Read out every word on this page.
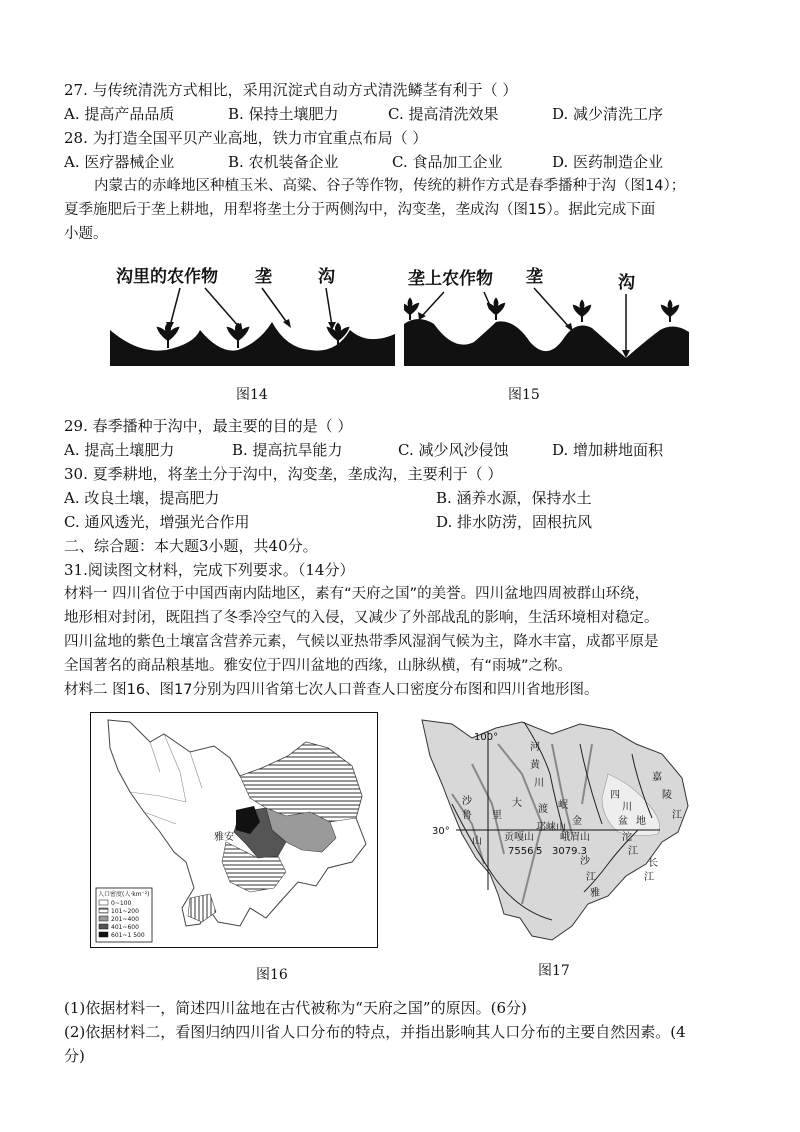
27. 与传统清洗方式相比，采用沉淀式自动方式清洗鳞茎有利于（ ）
A. 提高产品品质	B. 保持土壤肥力	C. 提高清洗效果	D. 减少清洗工序
28. 为打造全国平贝产业高地，铁力市宜重点布局（ ）
A. 医疗器械企业	B. 农机装备企业	C. 食品加工企业	D. 医药制造企业
内蒙古的赤峰地区种植玉米、高粱、谷子等作物，传统的耕作方式是春季播种于沟（图14）；
夏季施肥后于垄上耕地，用犁将垄土分于两侧沟中，沟变垄，垄成沟（图15）。据此完成下面
小题。
沟里的农作物 垄	沟
图14
垄上农作物 垄	沟
图15
29. 春季播种于沟中，最主要的目的是（ ）
A. 提高土壤肥力	B. 提高抗旱能力	C. 减少风沙侵蚀	D. 增加耕地面积
30. 夏季耕地，将垄土分于沟中，沟变垄，垄成沟，主要利于（ ）
A. 改良土壤，提高肥力	B. 涵养水源，保持水土
C. 通风透光，增强光合作用	D. 排水防涝，固根抗风
二、综合题：本大题3小题，共40分。
31.阅读图文材料，完成下列要求。（14分）
材料一 四川省位于中国西南内陆地区，素有“天府之国”的美誉。四川盆地四周被群山环绕，
地形相对封闭，既阻挡了冬季冷空气的入侵，又减少了外部战乱的影响，生活环境相对稳定。
四川盆地的紫色土壤富含营养元素，气候以亚热带季风湿润气候为主，降水丰富，成都平原是
全国著名的商品粮基地。雅安位于四川盆地的西缘，山脉纵横，有“雨城”之称。
材料二 图16、图17分别为四川省第七次人口普查人口密度分布图和四川省地形图。
雅安
人口密度(人·km⁻²)
0~100
101~200
201~400
401~600
601~1 500
图16
100°
30°
河
黄
川
大
渡 岷
沙
鲁 里
山 贡嘎山
7556 5
邛崃山
峨眉山
3079.3
嘉
陵
江
四
川
盆 地
沱
江
长
江
金
沙
江
雅
图17
(1)依据材料一，简述四川盆地在古代被称为“天府之国”的原因。(6分)
(2)依据材料二，看图归纳四川省人口分布的特点，并指出影响其人口分布的主要自然因素。(4
分)
